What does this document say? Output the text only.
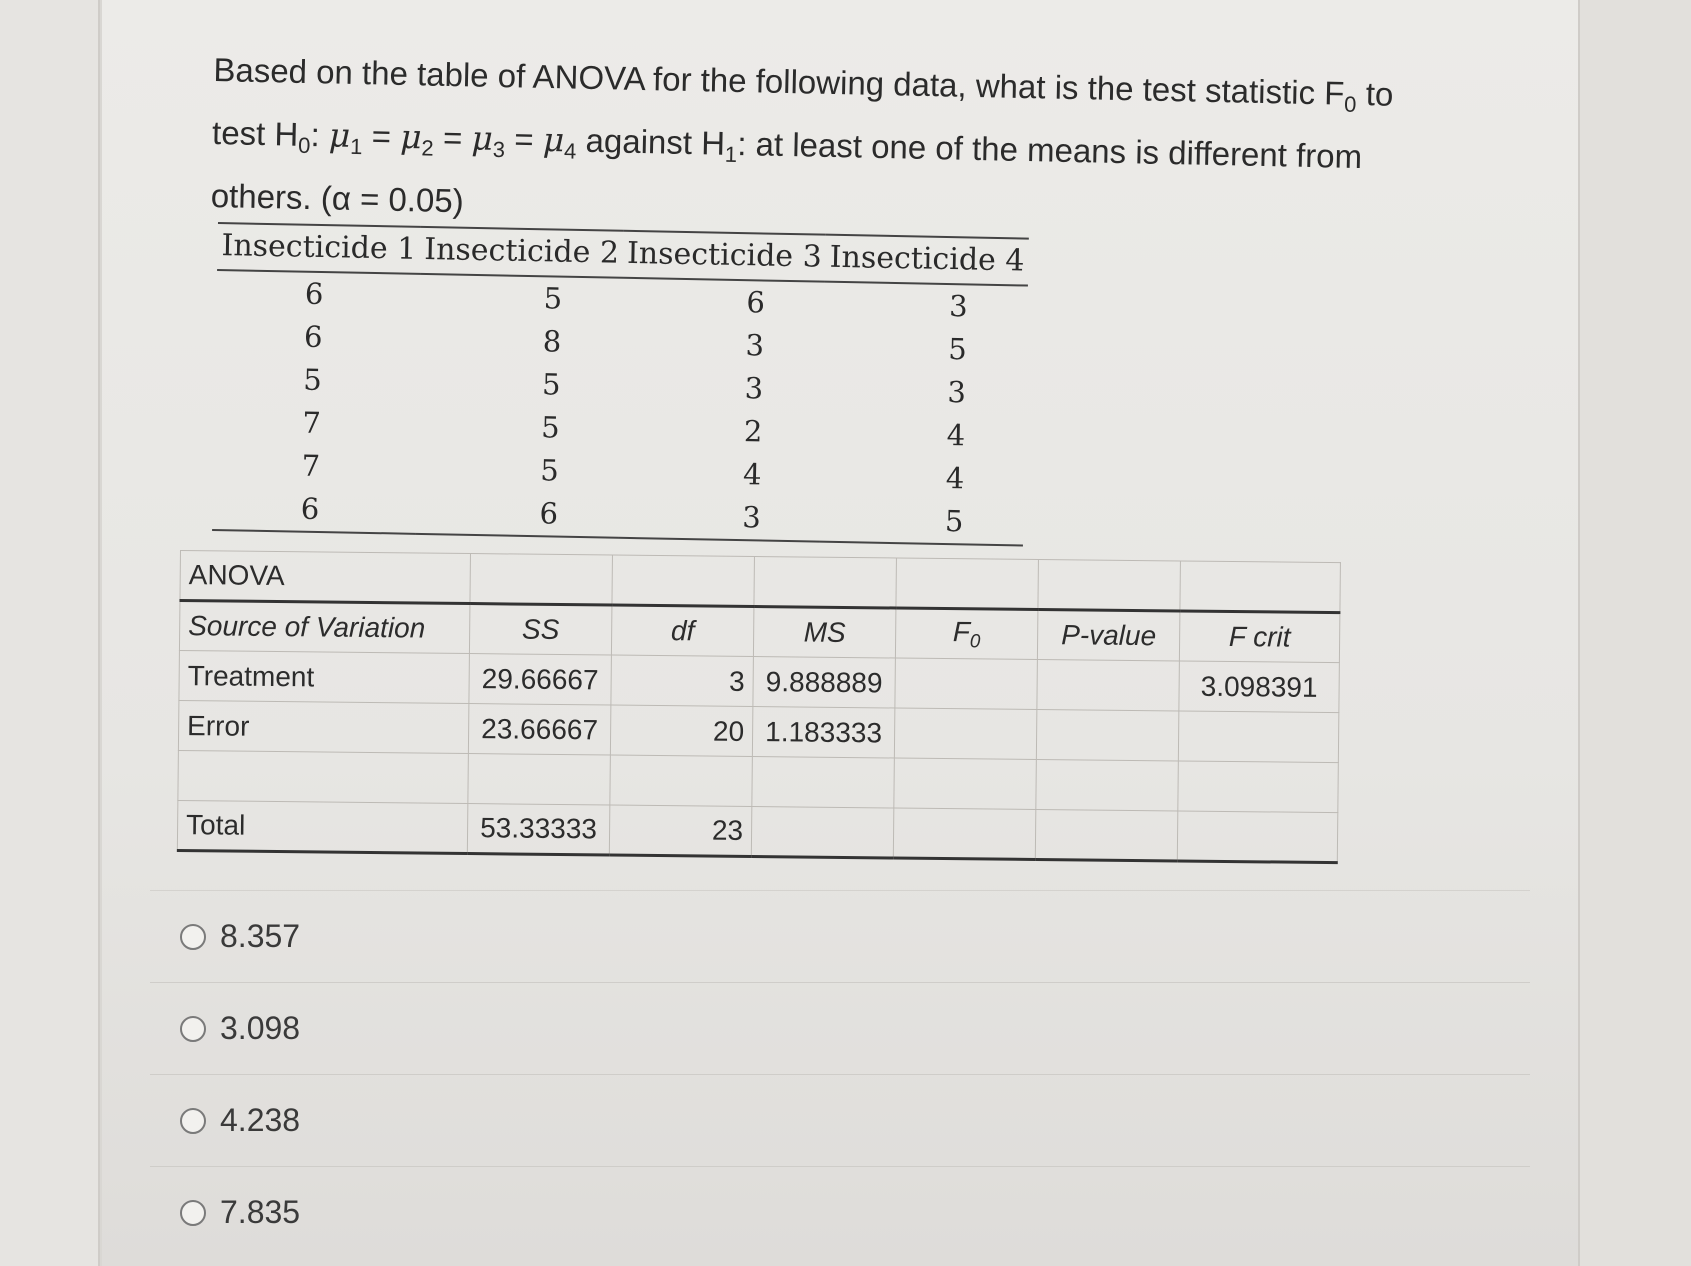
Based on the table of ANOVA for the following data, what is the test statistic $F_0$ to
test $H_0$: $\mu_1 = \mu_2 = \mu_3 = \mu_4$ against $H_1$: at least one of the means is different from
others. (α = 0.05)
Insecticide 1	Insecticide 2	Insecticide 3	Insecticide 4
6	5	6	3
6	8	3	5
5	5	3	3
7	5	2	4
7	5	4	4
6	6	3	5
ANOVA						
Source of Variation	SS	df	MS	$F_0$	P-value	F crit
Treatment	29.66667	3	9.888889			3.098391
Error	23.66667	20	1.183333			

Total	53.33333	23				
8.357
3.098
4.238
7.835
